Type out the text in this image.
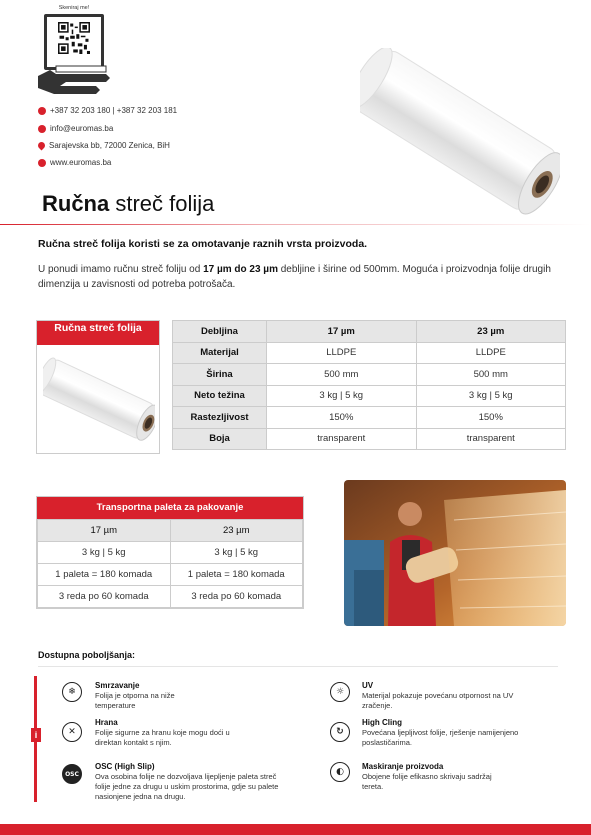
Skeniraj me!
+387 32 203 180 | +387 32 203 181
info@euromas.ba
Sarajevska bb, 72000 Zenica, BiH
www.euromas.ba
Ručna streč folija
Ručna streč folija koristi se za omotavanje raznih vrsta proizvoda.
U ponudi imamo ručnu streč foliju od 17 µm do 23 µm debljine i širine od 500mm. Moguća i proizvodnja folije drugih dimenzija u zavisnosti od potreba potrošača.
Ručna streč folija	Debljina	17 µm	23 µm
Materijal	LLDPE	LLDPE
Širina	500 mm	500 mm
Neto težina	3 kg | 5 kg	3 kg | 5 kg
Rastezljivost	150%	150%
Boja	transparent	transparent
Transportna paleta za pakovanje
17 µm	23 µm
3 kg | 5 kg	3 kg | 5 kg
1 paleta = 180 komada	1 paleta = 180 komada
3 reda po 60 komada	3 reda po 60 komada
Dostupna poboljšanja:
i
❄
Smrzavanje
Folija je otporna na niže temperature
✕
Hrana
Folije sigurne za hranu koje mogu doći u direktan kontakt s njim.
OSC
OSC (High Slip)
Ova osobina folije ne dozvoljava lijepljenje paleta streč folije jedne za drugu u uskim prostorima, gdje su palete nasionjene jedna na drugu.
☼
UV
Materijal pokazuje povećanu otpornost na UV zračenje.
↻
High Cling
Povećana ljepljivost folije, rješenje namijenjeno poslastičarima.
◐
Maskiranje proizvoda
Obojene folije efikasno skrivaju sadržaj tereta.
